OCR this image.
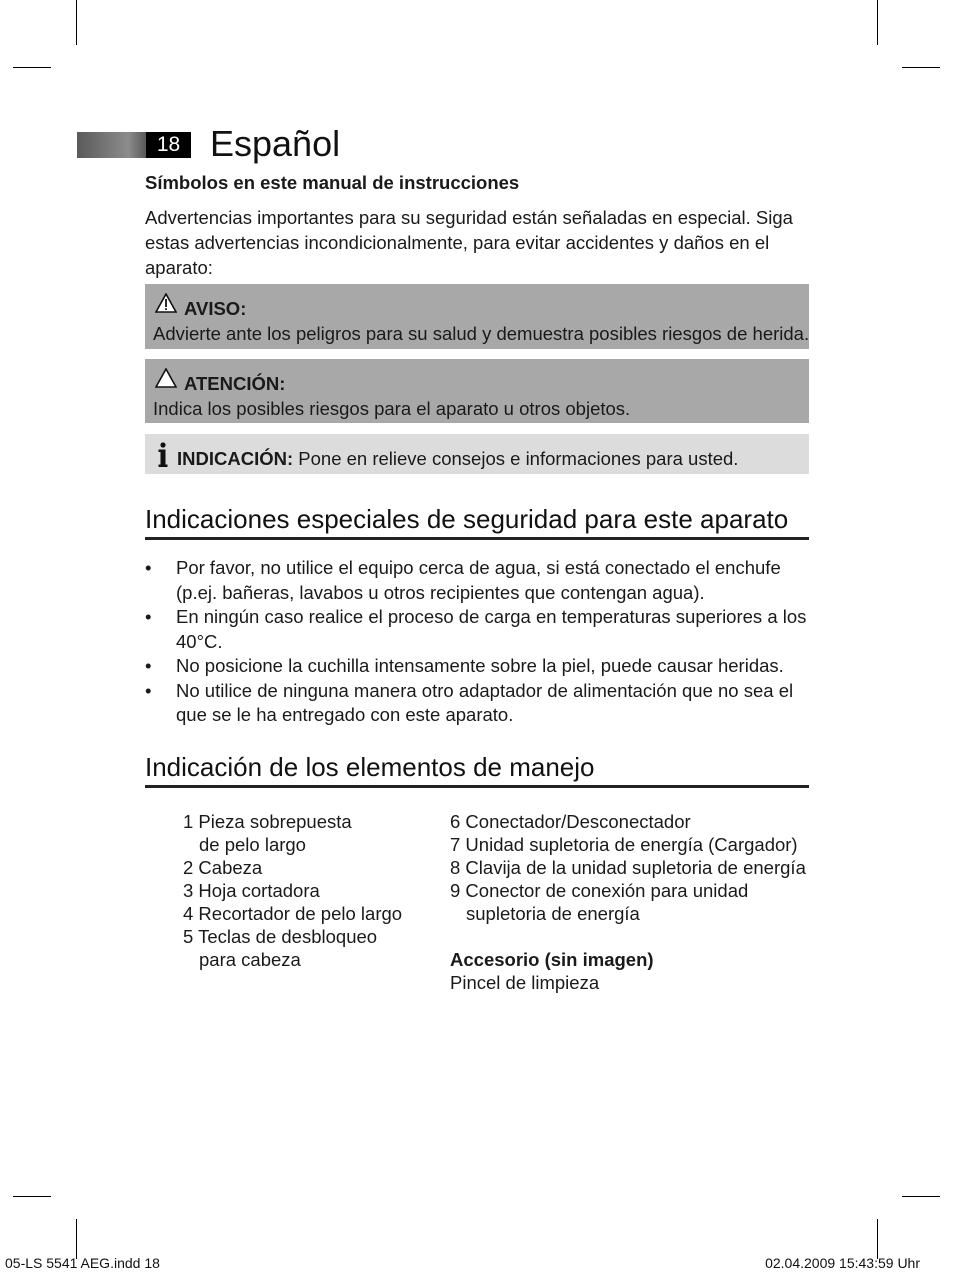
18 Español

Símbolos en este manual de instrucciones

Advertencias importantes para su seguridad están señaladas en especial. Siga estas advertencias incondicionalmente, para evitar accidentes y daños en el aparato:

AVISO:
Advierte ante los peligros para su salud y demuestra posibles riesgos de herida.
ATENCIÓN:
Indica los posibles riesgos para el aparato u otros objetos.
INDICACIÓN: Pone en relieve consejos e informaciones para usted.
Indicaciones especiales de seguridad para este aparato
• Por favor, no utilice el equipo cerca de agua, si está conectado el enchufe (p.ej. bañeras, lavabos u otros recipientes que contengan agua).
• En ningún caso realice el proceso de carga en temperaturas superiores a los 40°C.
• No posicione la cuchilla intensamente sobre la piel, puede causar heridas.
• No utilice de ninguna manera otro adaptador de alimentación que no sea el que se le ha entregado con este aparato.
Indicación de los elementos de manejo
1 Pieza sobrepuesta
de pelo largo
2 Cabeza
3 Hoja cortadora
4 Recortador de pelo largo
5 Teclas de desbloqueo
para cabeza
6 Conectador/Desconectador
7 Unidad supletoria de energía (Cargador)
8 Clavija de la unidad supletoria de energía
9 Conector de conexión para unidad
supletoria de energía
Accesorio (sin imagen)
Pincel de limpieza
05-LS 5541 AEG.indd 18	02.04.2009 15:43:59 Uhr
